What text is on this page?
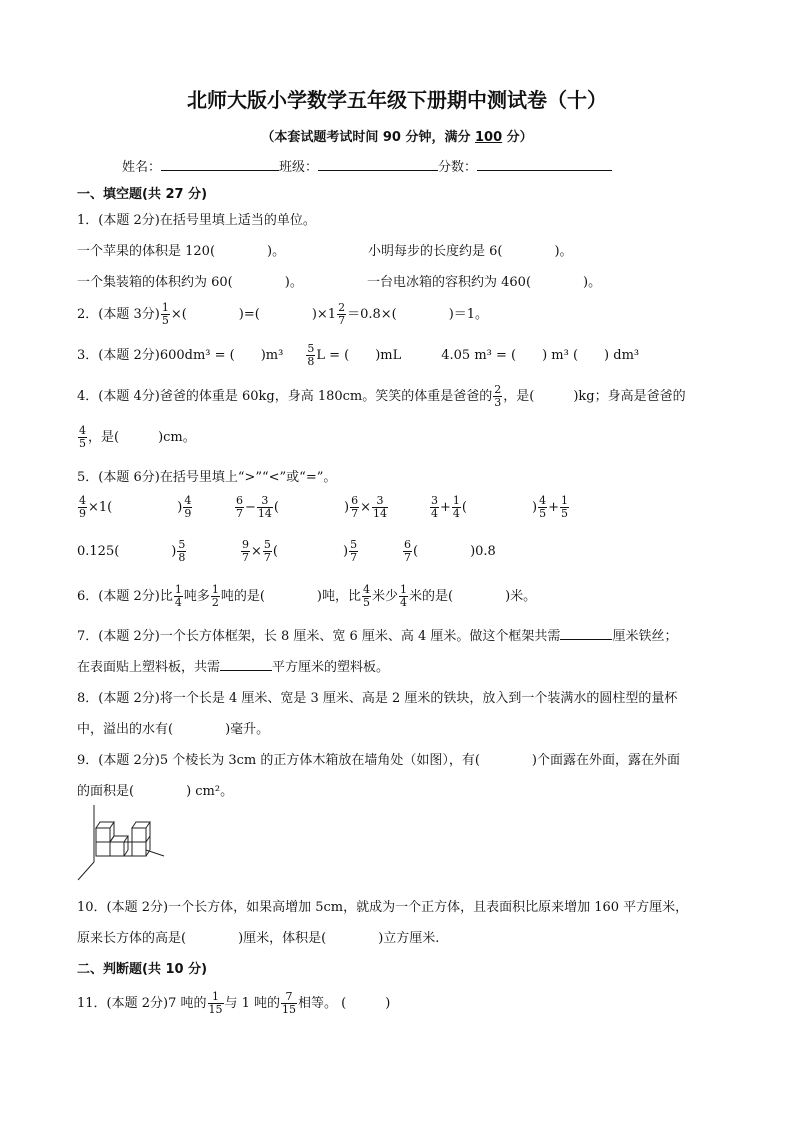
北师大版小学数学五年级下册期中测试卷（十）
（本套试题考试时间 90 分钟，满分 100 分）
姓名：	班级：	分数：
一、填空题(共 27 分)
1．(本题 2分)在括号里填上适当的单位。
一个苹果的体积是 120(　　　　)。	小明每步的长度约是 6(　　　　)。
一个集装箱的体积约为 60(　　　　)。	一台电冰箱的容积约为 460(　　　　)。
2．(本题 3分) $\frac{1}{5}$ ×(　　　　)=(　　　　)$\times 1 \frac{2}{7} =0.8\times$(　　　　)＝1。
3．(本题 2分)600dm³ = (　　)$m^3 \frac{5}{8}$ L = (　　)mL	4.05 m³ = (　　) m³ (　　) dm³
4．(本题 4分)爸爸的体重是 60kg，身高 180cm。笑笑的体重是爸爸的 $\frac{2}{3}$ ，是(　　　)kg；身高是爸爸的
$\frac{4}{5}$ ，是(　　　)cm。
5．(本题 6分)在括号里填上“>”“<”或“=”。
$\frac{4}{9} \times 1$(　　　　　) $\frac{4}{9}$	$\frac{6}{7} - \frac{3}{14}$ (　　　　　) $\frac{6}{7} \times \frac{3}{14}$	$\frac{3}{4} + \frac{1}{4}$ (　　　　　) $\frac{4}{5} + \frac{1}{5}$
0.125(　　　　) $\frac{5}{8}$	$\frac{9}{7} \times \frac{5}{7}$ (　　　　　) $\frac{5}{7}$	$\frac{6}{7}$ (　　　　)0.8
6．(本题 2分)比 $\frac{1}{4}$ 吨多 $\frac{1}{2}$ 吨的是(　　　　)吨，比 $\frac{4}{5}$ 米少 $\frac{1}{4}$ 米的是(　　　　)米。
7．(本题 2分)一个长方体框架，长 8 厘米、宽 6 厘米、高 4 厘米。做这个框架共需	厘米铁丝；
在表面贴上塑料板，共需	平方厘米的塑料板。
8．(本题 2分)将一个长是 4 厘米、宽是 3 厘米、高是 2 厘米的铁块，放入到一个装满水的圆柱型的量杯
中，溢出的水有(　　　　)毫升。
9．(本题 2分)5 个棱长为 3cm 的正方体木箱放在墙角处（如图），有(　　　　)个面露在外面，露在外面
的面积是(　　　　) cm²。
10．(本题 2分)一个长方体，如果高增加 5cm，就成为一个正方体，且表面积比原来增加 160 平方厘米，
原来长方体的高是(　　　　)厘米，体积是(　　　　)立方厘米.
二、判断题(共 10 分)
11．(本题 2分)7 吨的 $\frac{1}{15}$ 与 1 吨的 $\frac{7}{15}$ 相等。 (　　　)
